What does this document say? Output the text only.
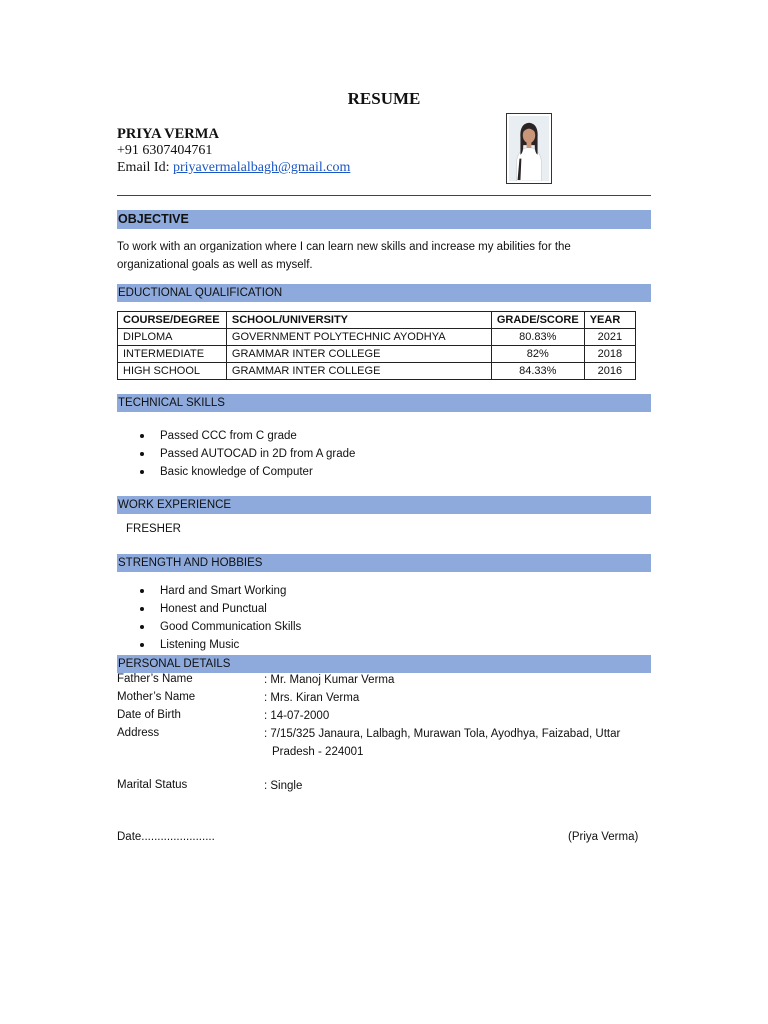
RESUME
PRIYA VERMA
+91 6307404761
Email Id: priyavermalalbagh@gmail.com
OBJECTIVE
To work with an organization where I can learn new skills and increase my abilities for the organizational goals as well as myself.
EDUCTIONAL QUALIFICATION
COURSE/DEGREE	SCHOOL/UNIVERSITY	GRADE/SCORE	YEAR
DIPLOMA	GOVERNMENT POLYTECHNIC AYODHYA	80.83%	2021
INTERMEDIATE	GRAMMAR INTER COLLEGE	82%	2018
HIGH SCHOOL	GRAMMAR INTER COLLEGE	84.33%	2016
TECHNICAL SKILLS
Passed CCC from C grade
Passed AUTOCAD in 2D from A grade
Basic knowledge of Computer
WORK EXPERIENCE
FRESHER
STRENGTH AND HOBBIES
Hard and Smart Working
Honest and Punctual
Good Communication Skills
Listening Music
PERSONAL DETAILS
Father’s Name	: Mr. Manoj Kumar Verma
Mother’s Name	: Mrs. Kiran Verma
Date of Birth	: 14-07-2000
Address	: 7/15/325 Janaura, Lalbagh, Murawan Tola, Ayodhya, Faizabad, Uttar
Pradesh - 224001
Marital Status	: Single
Date.......................	(Priya Verma)
